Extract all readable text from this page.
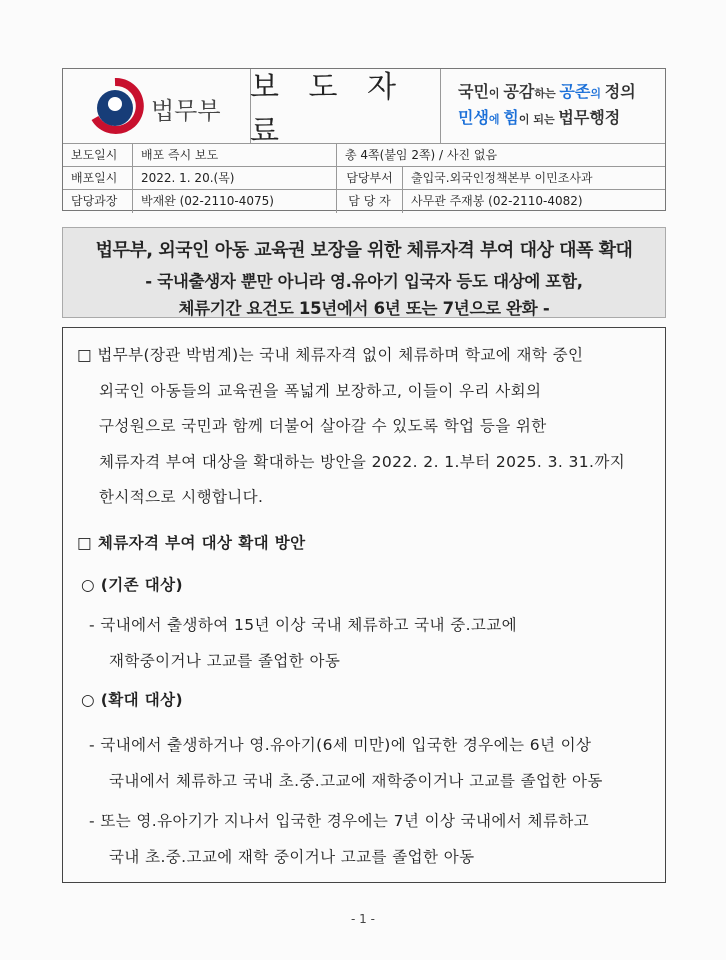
법무부
보 도 자 료
국민이 공감하는 공존의 정의
민생에 힘이 되는 법무행정
보도일시	배포 즉시 보도	총 4쪽(붙임 2쪽) / 사진 없음
배포일시	2022. 1. 20.(목)	담당부서	출입국.외국인정책본부 이민조사과
담당과장	박재완 (02-2110-4075)	담 당 자	사무관 주재봉 (02-2110-4082)
법무부, 외국인 아동 교육권 보장을 위한 체류자격 부여 대상 대폭 확대
- 국내출생자 뿐만 아니라 영.유아기 입국자 등도 대상에 포함,
체류기간 요건도 15년에서 6년 또는 7년으로 완화 -
□ 법무부(장관 박범계)는 국내 체류자격 없이 체류하며 학교에 재학 중인
외국인 아동들의 교육권을 폭넓게 보장하고, 이들이 우리 사회의
구성원으로 국민과 함께 더불어 살아갈 수 있도록 학업 등을 위한
체류자격 부여 대상을 확대하는 방안을 2022. 2. 1.부터 2025. 3. 31.까지
한시적으로 시행합니다.
□ 체류자격 부여 대상 확대 방안
○ (기존 대상)
- 국내에서 출생하여 15년 이상 국내 체류하고 국내 중.고교에
재학중이거나 고교를 졸업한 아동
○ (확대 대상)
- 국내에서 출생하거나 영.유아기(6세 미만)에 입국한 경우에는 6년 이상
국내에서 체류하고 국내 초.중.고교에 재학중이거나 고교를 졸업한 아동
- 또는 영.유아기가 지나서 입국한 경우에는 7년 이상 국내에서 체류하고
국내 초.중.고교에 재학 중이거나 고교를 졸업한 아동
- 1 -
